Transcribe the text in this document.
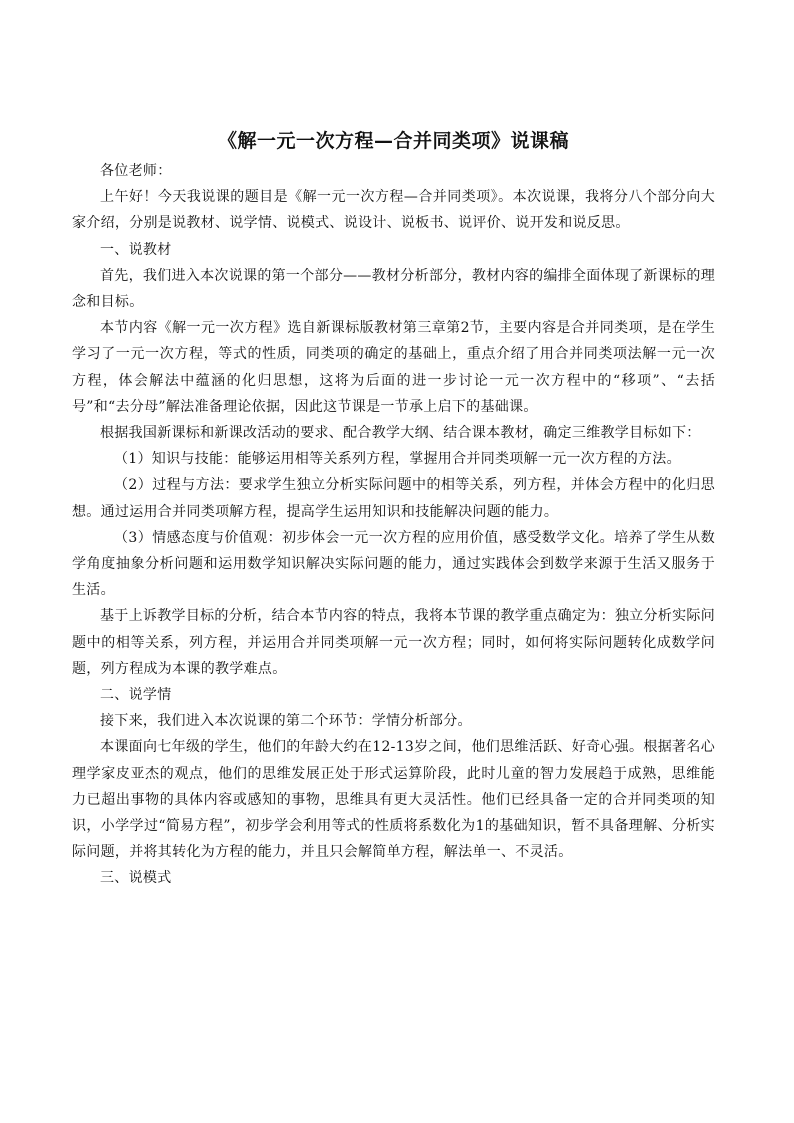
《解一元一次方程—合并同类项》说课稿

各位老师：

上午好！今天我说课的题目是《解一元一次方程—合并同类项》。本次说课，我将分八个部分向大家介绍，分别是说教材、说学情、说模式、说设计、说板书、说评价、说开发和说反思。

一、说教材

首先，我们进入本次说课的第一个部分——教材分析部分，教材内容的编排全面体现了新课标的理念和目标。

本节内容《解一元一次方程》选自新课标版教材第三章第2节，主要内容是合并同类项，是在学生学习了一元一次方程，等式的性质，同类项的确定的基础上，重点介绍了用合并同类项法解一元一次方程，体会解法中蕴涵的化归思想，这将为后面的进一步讨论一元一次方程中的“移项”、“去括号”和“去分母”解法准备理论依据，因此这节课是一节承上启下的基础课。

根据我国新课标和新课改活动的要求、配合教学大纲、结合课本教材，确定三维教学目标如下：

（1）知识与技能：能够运用相等关系列方程，掌握用合并同类项解一元一次方程的方法。

（2）过程与方法：要求学生独立分析实际问题中的相等关系，列方程，并体会方程中的化归思想。通过运用合并同类项解方程，提高学生运用知识和技能解决问题的能力。

（3）情感态度与价值观：初步体会一元一次方程的应用价值，感受数学文化。培养了学生从数学角度抽象分析问题和运用数学知识解决实际问题的能力，通过实践体会到数学来源于生活又服务于生活。

基于上诉教学目标的分析，结合本节内容的特点，我将本节课的教学重点确定为：独立分析实际问题中的相等关系，列方程，并运用合并同类项解一元一次方程；同时，如何将实际问题转化成数学问题，列方程成为本课的教学难点。

二、说学情

接下来，我们进入本次说课的第二个环节：学情分析部分。

本课面向七年级的学生，他们的年龄大约在12-13岁之间，他们思维活跃、好奇心强。根据著名心理学家皮亚杰的观点，他们的思维发展正处于形式运算阶段，此时儿童的智力发展趋于成熟，思维能力已超出事物的具体内容或感知的事物，思维具有更大灵活性。他们已经具备一定的合并同类项的知识，小学学过“简易方程”，初步学会利用等式的性质将系数化为1的基础知识，暂不具备理解、分析实际问题，并将其转化为方程的能力，并且只会解简单方程，解法单一、不灵活。

三、说模式
